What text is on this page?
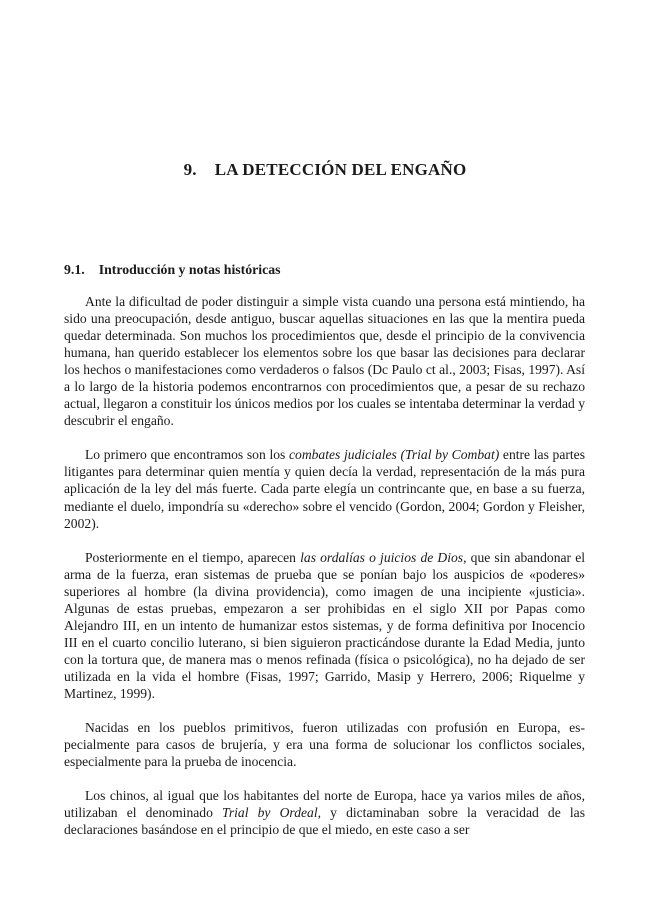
9. LA DETECCIÓN DEL ENGAÑO
9.1. Introducción y notas históricas

Ante la dificultad de poder distinguir a simple vista cuando una persona está mintiendo, ha sido una preocupación, desde antiguo, buscar aquellas situaciones en las que la mentira pueda quedar determinada. Son muchos los procedimientos que, desde el principio de la convivencia humana, han querido establecer los elementos sobre los que basar las decisiones para declarar los hechos o manifestaciones como verdaderos o falsos (Dc Paulo ct al., 2003; Fisas, 1997). Así a lo largo de la historia podemos encontrarnos con procedimientos que, a pesar de su rechazo actual, llegaron a constituir los únicos medios por los cuales se intentaba determinar la verdad y descubrir el engaño.

Lo primero que encontramos son los combates judiciales (Trial by Combat) entre las partes litigantes para determinar quien mentía y quien decía la verdad, representación de la más pura aplicación de la ley del más fuerte. Cada parte elegía un contrincante que, en base a su fuerza, mediante el duelo, impondría su «derecho» sobre el vencido (Gordon, 2004; Gordon y Fleisher, 2002).

Posteriormente en el tiempo, aparecen las ordalías o juicios de Dios, que sin abandonar el arma de la fuerza, eran sistemas de prueba que se ponían bajo los auspicios de «poderes» superiores al hombre (la divina providencia), como imagen de una incipiente «justicia». Algunas de estas pruebas, empezaron a ser prohibidas en el siglo XII por Papas como Alejandro III, en un intento de humanizar estos sistemas, y de forma definitiva por Inocencio III en el cuarto concilio luterano, si bien siguieron practicándose durante la Edad Media, junto con la tortura que, de manera mas o menos refinada (física o psicológica), no ha dejado de ser utilizada en la vida el hombre (Fisas, 1997; Garrido, Masip y Herrero, 2006; Riquelme y Martinez, 1999).

Nacidas en los pueblos primitivos, fueron utilizadas con profusión en Europa, especialmente para casos de brujería, y era una forma de solucionar los conflictos sociales, especialmente para la prueba de inocencia.

Los chinos, al igual que los habitantes del norte de Europa, hace ya varios miles de años, utilizaban el denominado Trial by Ordeal, y dictaminaban sobre la veracidad de las declaraciones basándose en el principio de que el miedo, en este caso a ser
